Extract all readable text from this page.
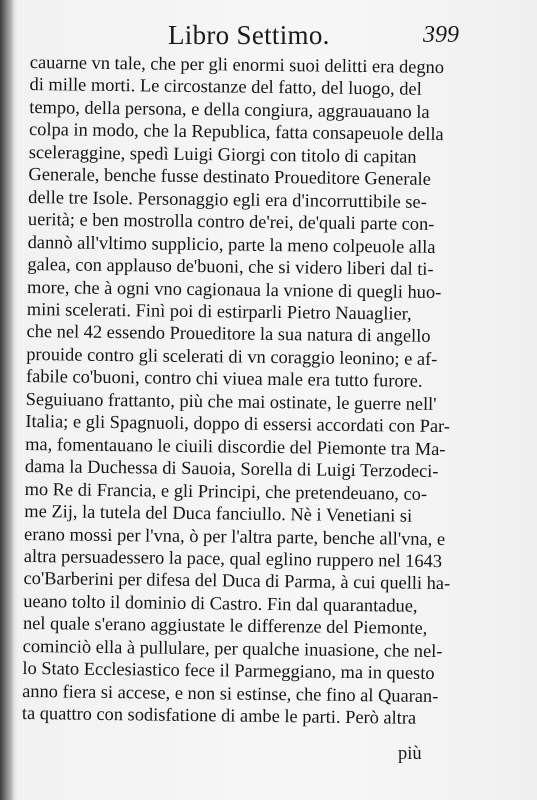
Libro Settimo.	399
cauarne vn tale, che per gli enormi suoi delitti era degno
di mille morti. Le circostanze del fatto, del luogo, del
tempo, della persona, e della congiura, aggrauauano la
colpa in modo, che la Republica, fatta consapeuole della
sceleraggine, spedì Luigi Giorgi con titolo di capitan
Generale, benche fusse destinato Proueditore Generale
delle tre Isole. Personaggio egli era d'incorruttibile se-
uerità; e ben mostrolla contro de'rei, de'quali parte con-
dannò all'vltimo supplicio, parte la meno colpeuole alla
galea, con applauso de'buoni, che si videro liberi dal ti-
more, che à ogni vno cagionaua la vnione di quegli huo-
mini scelerati. Finì poi di estirparli Pietro Nauaglier,
che nel 42 essendo Proueditore la sua natura di angello
prouide contro gli scelerati di vn coraggio leonino; e af-
fabile co'buoni, contro chi viuea male era tutto furore.
Seguiuano frattanto, più che mai ostinate, le guerre nell'
Italia; e gli Spagnuoli, doppo di essersi accordati con Par-
ma, fomentauano le ciuili discordie del Piemonte tra Ma-
dama la Duchessa di Sauoia, Sorella di Luigi Terzodeci-
mo Re di Francia, e gli Principi, che pretendeuano, co-
me Zij, la tutela del Duca fanciullo. Nè i Venetiani si
erano mossi per l'vna, ò per l'altra parte, benche all'vna, e
altra persuadessero la pace, qual eglino ruppero nel 1643
co'Barberini per difesa del Duca di Parma, à cui quelli ha-
ueano tolto il dominio di Castro. Fin dal quarantadue,
nel quale s'erano aggiustate le differenze del Piemonte,
cominciò ella à pullulare, per qualche inuasione, che nel-
lo Stato Ecclesiastico fece il Parmeggiano, ma in questo
anno fiera si accese, e non si estinse, che fino al Quaran-
ta quattro con sodisfatione di ambe le parti. Però altra
più
